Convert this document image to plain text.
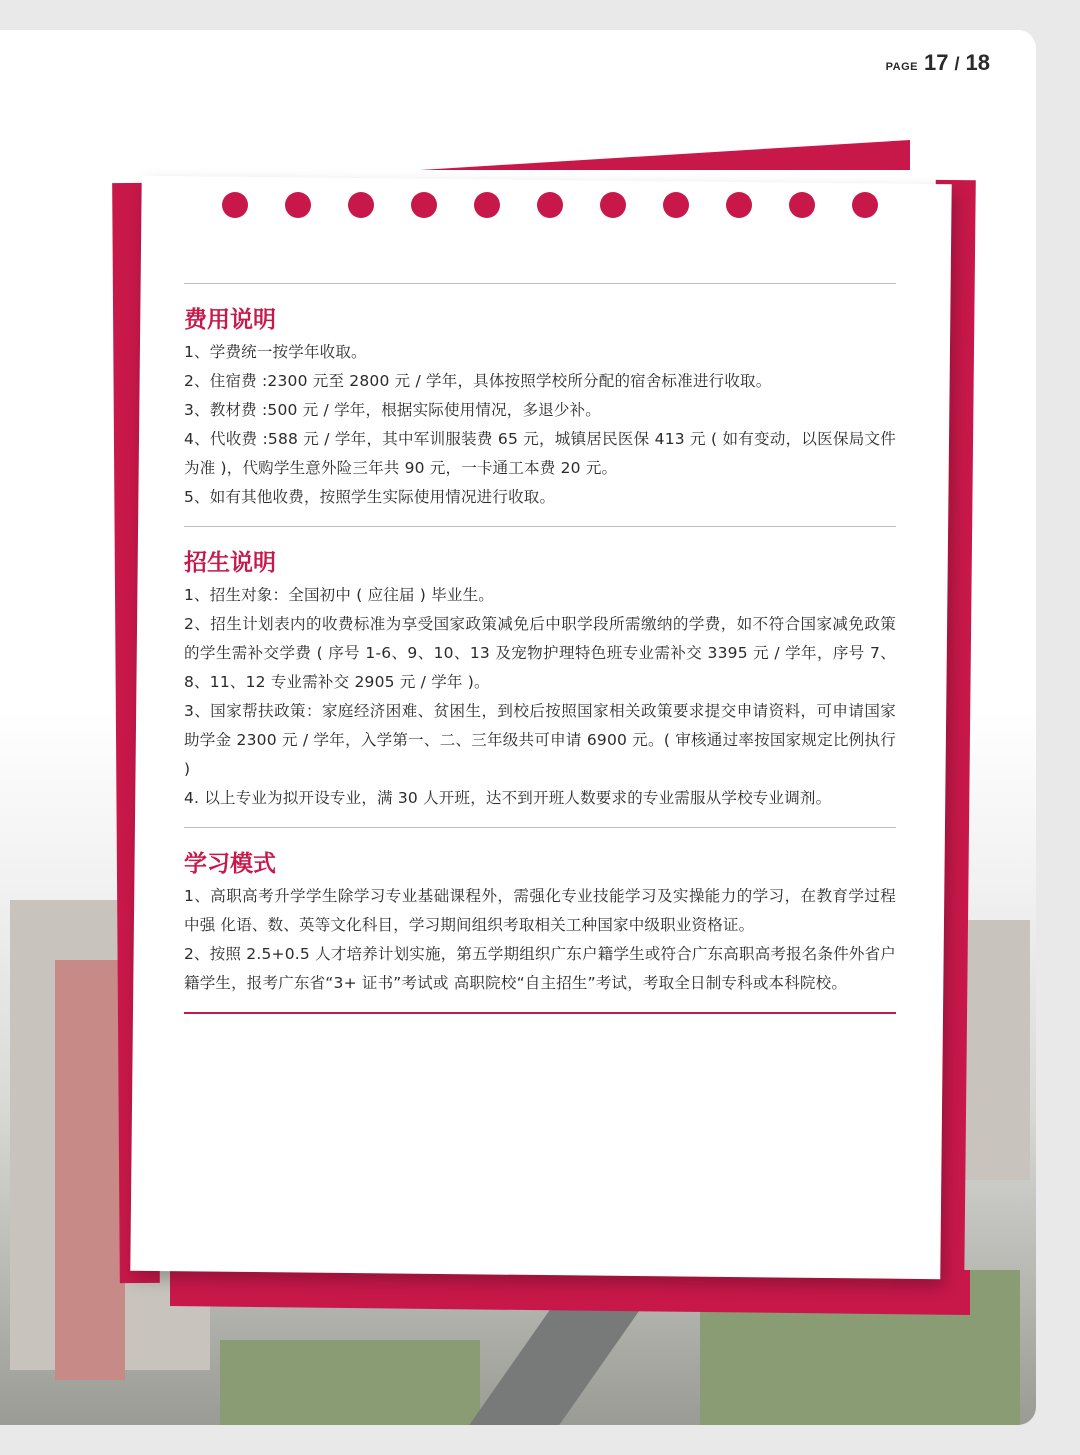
PAGE 17 / 18
费用说明

1、学费统一按学年收取。

2、住宿费 :2300 元至 2800 元 / 学年，具体按照学校所分配的宿舍标准进行收取。

3、教材费 :500 元 / 学年，根据实际使用情况，多退少补。

4、代收费 :588 元 / 学年，其中军训服装费 65 元，城镇居民医保 413 元 ( 如有变动，以医保局文件为准 )，代购学生意外险三年共 90 元，一卡通工本费 20 元。

5、如有其他收费，按照学生实际使用情况进行收取。

招生说明

1、招生对象：全国初中 ( 应往届 ) 毕业生。

2、招生计划表内的收费标准为享受国家政策减免后中职学段所需缴纳的学费，如不符合国家减免政策的学生需补交学费 ( 序号 1-6、9、10、13 及宠物护理特色班专业需补交 3395 元 / 学年，序号 7、8、11、12 专业需补交 2905 元 / 学年 )。

3、国家帮扶政策：家庭经济困难、贫困生，到校后按照国家相关政策要求提交申请资料，可申请国家助学金 2300 元 / 学年，入学第一、二、三年级共可申请 6900 元。( 审核通过率按国家规定比例执行 )

4. 以上专业为拟开设专业，满 30 人开班，达不到开班人数要求的专业需服从学校专业调剂。

学习模式

1、高职高考升学学生除学习专业基础课程外，需强化专业技能学习及实操能力的学习，在教育学过程中强 化语、数、英等文化科目，学习期间组织考取相关工种国家中级职业资格证。

2、按照 2.5+0.5 人才培养计划实施，第五学期组织广东户籍学生或符合广东高职高考报名条件外省户籍学生，报考广东省“3+ 证书”考试或 高职院校“自主招生”考试，考取全日制专科或本科院校。
